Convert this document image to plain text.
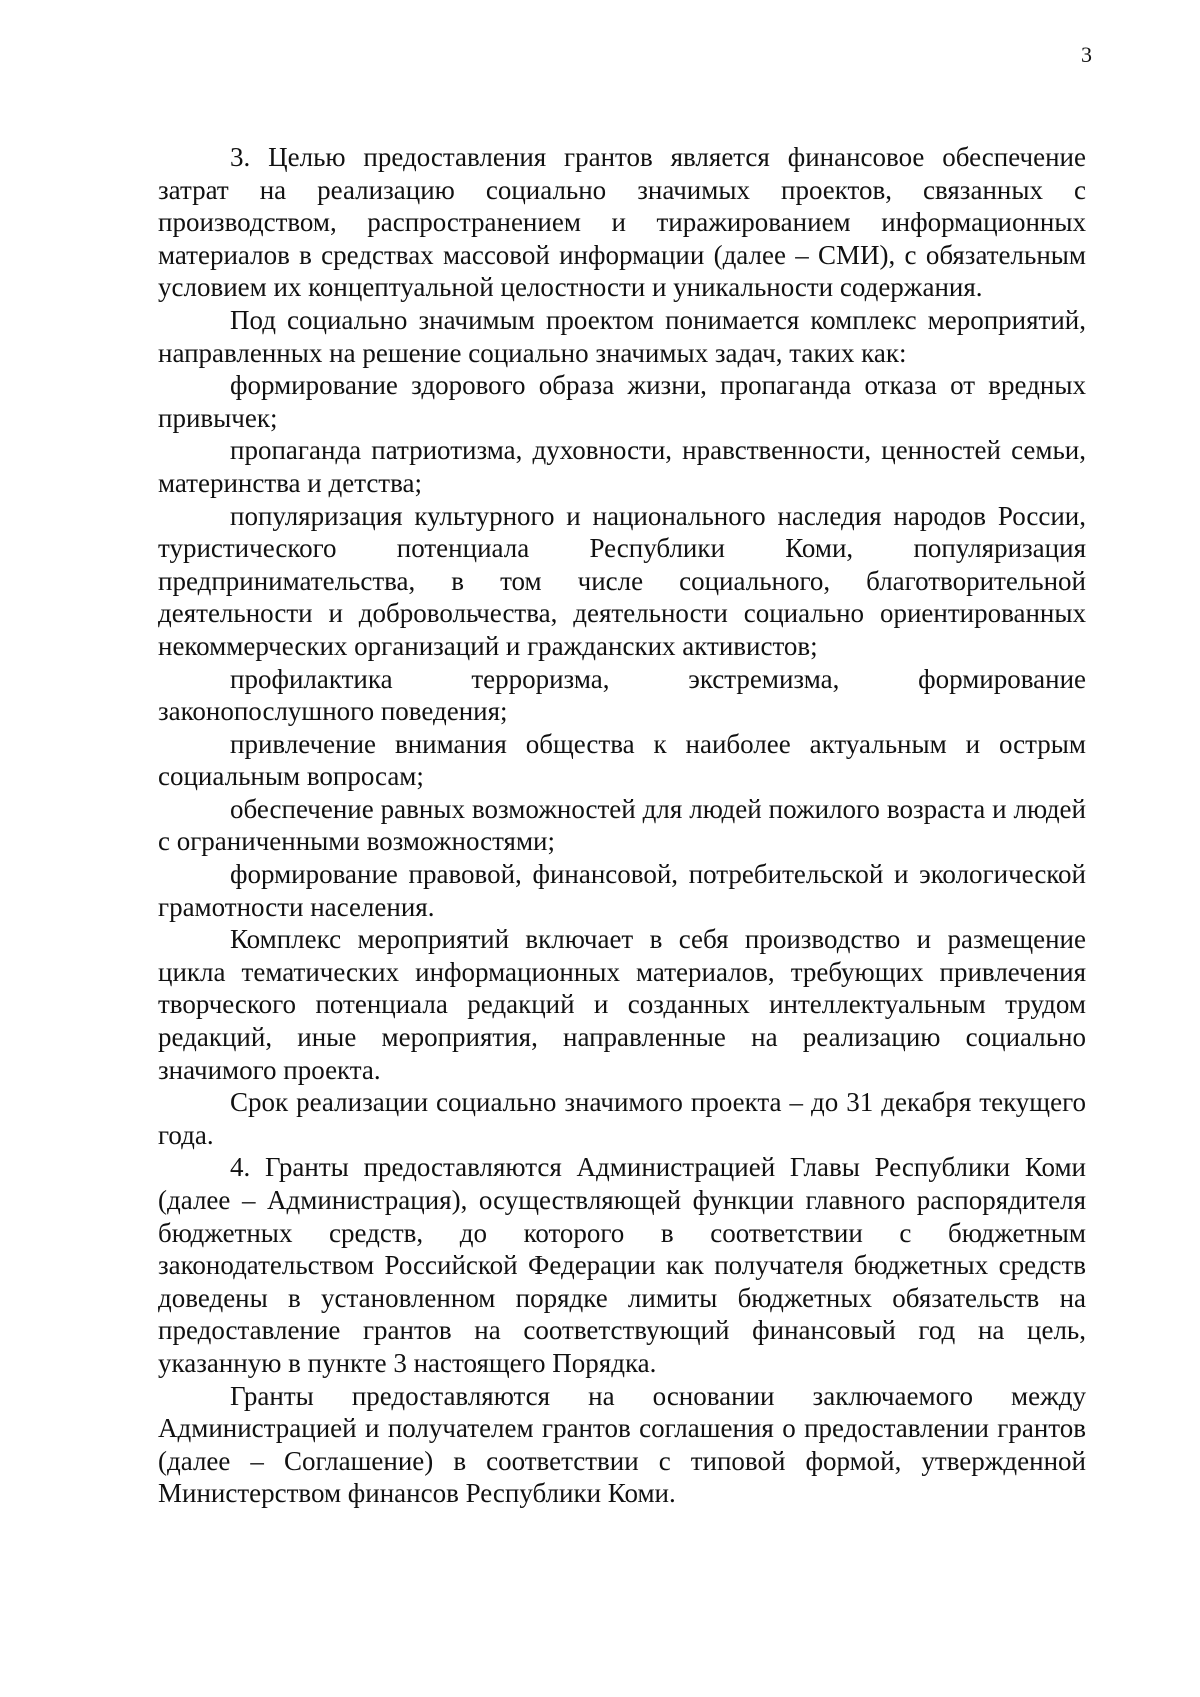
3

3. Целью предоставления грантов является финансовое обеспечение затрат на реализацию социально значимых проектов, связанных с производством, распространением и тиражированием информационных материалов в средствах массовой информации (далее – СМИ), с обязательным условием их концептуальной целостности и уникальности содержания.

Под социально значимым проектом понимается комплекс мероприятий, направленных на решение социально значимых задач, таких как:

формирование здорового образа жизни, пропаганда отказа от вредных привычек;

пропаганда патриотизма, духовности, нравственности, ценностей семьи, материнства и детства;

популяризация культурного и национального наследия народов России, туристического потенциала Республики Коми, популяризация предпринимательства, в том числе социального, благотворительной деятельности и добровольчества, деятельности социально ориентированных некоммерческих организаций и гражданских активистов;

профилактика терроризма, экстремизма, формирование законопослушного поведения;

привлечение внимания общества к наиболее актуальным и острым социальным вопросам;

обеспечение равных возможностей для людей пожилого возраста и людей с ограниченными возможностями;

формирование правовой, финансовой, потребительской и экологической грамотности населения.

Комплекс мероприятий включает в себя производство и размещение цикла тематических информационных материалов, требующих привлечения творческого потенциала редакций и созданных интеллектуальным трудом редакций, иные мероприятия, направленные на реализацию социально значимого проекта.

Срок реализации социально значимого проекта – до 31 декабря текущего года.

4. Гранты предоставляются Администрацией Главы Республики Коми (далее – Администрация), осуществляющей функции главного распорядителя бюджетных средств, до которого в соответствии с бюджетным законодательством Российской Федерации как получателя бюджетных средств доведены в установленном порядке лимиты бюджетных обязательств на предоставление грантов на соответствующий финансовый год на цель, указанную в пункте 3 настоящего Порядка.

Гранты предоставляются на основании заключаемого между Администрацией и получателем грантов соглашения о предоставлении грантов (далее – Соглашение) в соответствии с типовой формой, утвержденной Министерством финансов Республики Коми.
